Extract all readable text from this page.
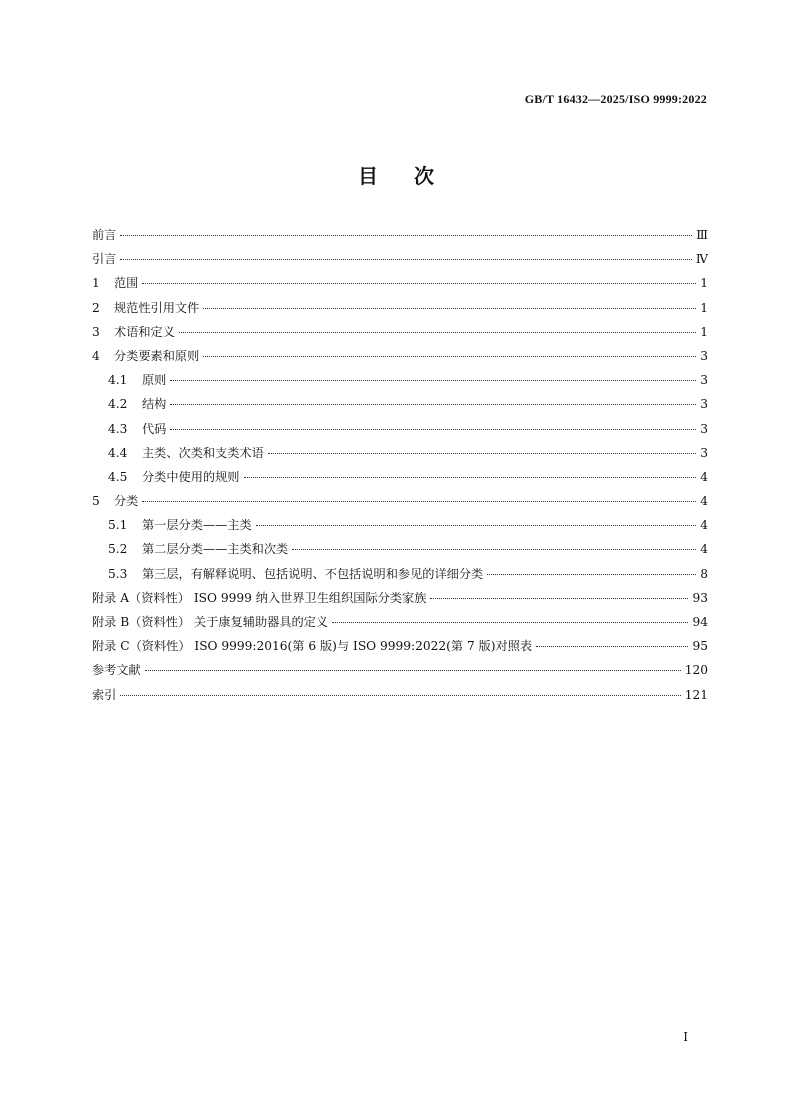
GB/T 16432—2025/ISO 9999:2022
目次
前言	Ⅲ
引言	Ⅳ
1	范围	1
2	规范性引用文件	1
3	术语和定义	1
4	分类要素和原则	3
4.1	原则	3
4.2	结构	3
4.3	代码	3
4.4	主类、次类和支类术语	3
4.5	分类中使用的规则	4
5	分类	4
5.1	第一层分类——主类	4
5.2	第二层分类——主类和次类	4
5.3	第三层，有解释说明、包括说明、不包括说明和参见的详细分类	8
附录 A（资料性） ISO 9999 纳入世界卫生组织国际分类家族	93
附录 B（资料性） 关于康复辅助器具的定义	94
附录 C（资料性） ISO 9999:2016(第 6 版)与 ISO 9999:2022(第 7 版)对照表	95
参考文献	120
索引	121
Ⅰ
